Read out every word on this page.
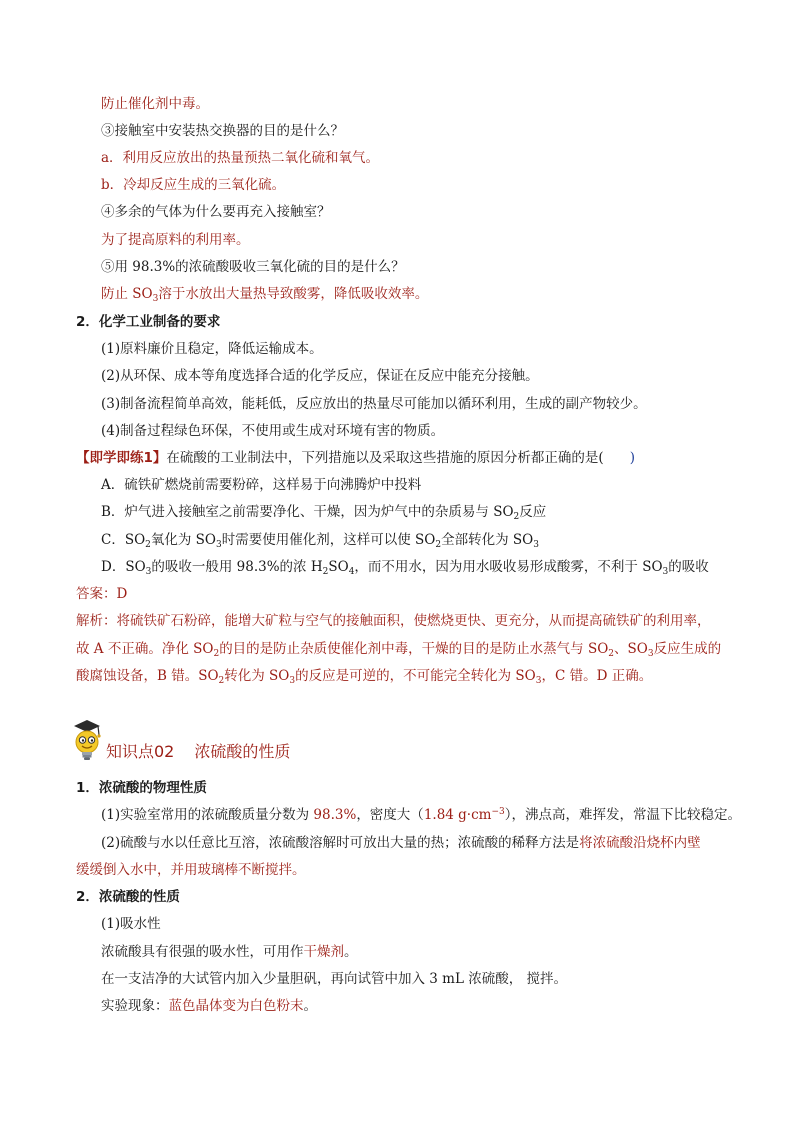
防止催化剂中毒。
③接触室中安装热交换器的目的是什么？
a．利用反应放出的热量预热二氧化硫和氧气。
b．冷却反应生成的三氧化硫。
④多余的气体为什么要再充入接触室？
为了提高原料的利用率。
⑤用 98.3%的浓硫酸吸收三氧化硫的目的是什么？
防止 $SO_3$溶于水放出大量热导致酸雾，降低吸收效率。
2．化学工业制备的要求
(1)原料廉价且稳定，降低运输成本。
(2)从环保、成本等角度选择合适的化学反应，保证在反应中能充分接触。
(3)制备流程简单高效，能耗低，反应放出的热量尽可能加以循环利用，生成的副产物较少。
(4)制备过程绿色环保，不使用或生成对环境有害的物质。
【即学即练1】在硫酸的工业制法中，下列措施以及采取这些措施的原因分析都正确的是( )
A．硫铁矿燃烧前需要粉碎，这样易于向沸腾炉中投料
B．炉气进入接触室之前需要净化、干燥，因为炉气中的杂质易与 $SO_2$反应
C．$SO_2$氧化为 $SO_3$时需要使用催化剂，这样可以使 $SO_2$全部转化为 $SO_3$
D．$SO_3$的吸收一般用 98.3%的浓 $H_2SO_4$，而不用水，因为用水吸收易形成酸雾，不利于 $SO_3$的吸收
答案：D
解析：将硫铁矿石粉碎，能增大矿粒与空气的接触面积，使燃烧更快、更充分，从而提高硫铁矿的利用率，
故 A 不正确。净化 $SO_2$的目的是防止杂质使催化剂中毒，干燥的目的是防止水蒸气与 $SO_2$、$SO_3$反应生成的
酸腐蚀设备，B 错。$SO_2$转化为 $SO_3$的反应是可逆的，不可能完全转化为 $SO_3$，C 错。D 正确。
知识点02 浓硫酸的性质
1．浓硫酸的物理性质
(1)实验室常用的浓硫酸质量分数为 98.3%，密度大（1.84 $g\cdot cm^{-3}$），沸点高，难挥发，常温下比较稳定。
(2)硫酸与水以任意比互溶，浓硫酸溶解时可放出大量的热；浓硫酸的稀释方法是将浓硫酸沿烧杯内壁
缓缓倒入水中，并用玻璃棒不断搅拌。
2．浓硫酸的性质
(1)吸水性
浓硫酸具有很强的吸水性，可用作干燥剂。
在一支洁净的大试管内加入少量胆矾，再向试管中加入 3 mL 浓硫酸， 搅拌。
实验现象：蓝色晶体变为白色粉末。
